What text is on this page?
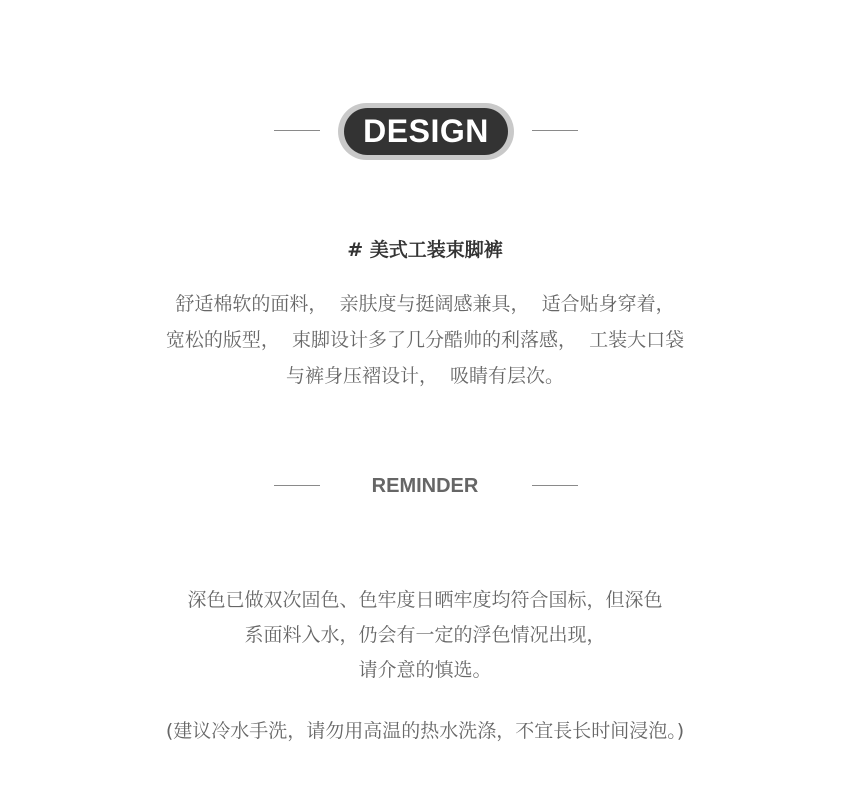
DESIGN
# 美式工装束脚裤
舒适棉软的面料，  亲肤度与挺阔感兼具，  适合贴身穿着，
宽松的版型，  束脚设计多了几分酷帅的利落感，  工装大口袋
与裤身压褶设计，  吸睛有层次。
REMINDER
深色已做双次固色、色牢度日晒牢度均符合国标，但深色
系面料入水，仍会有一定的浮色情况出现，
请介意的慎选。
(建议冷水手洗，请勿用高温的热水洗涤，不宜長长时间浸泡。)
